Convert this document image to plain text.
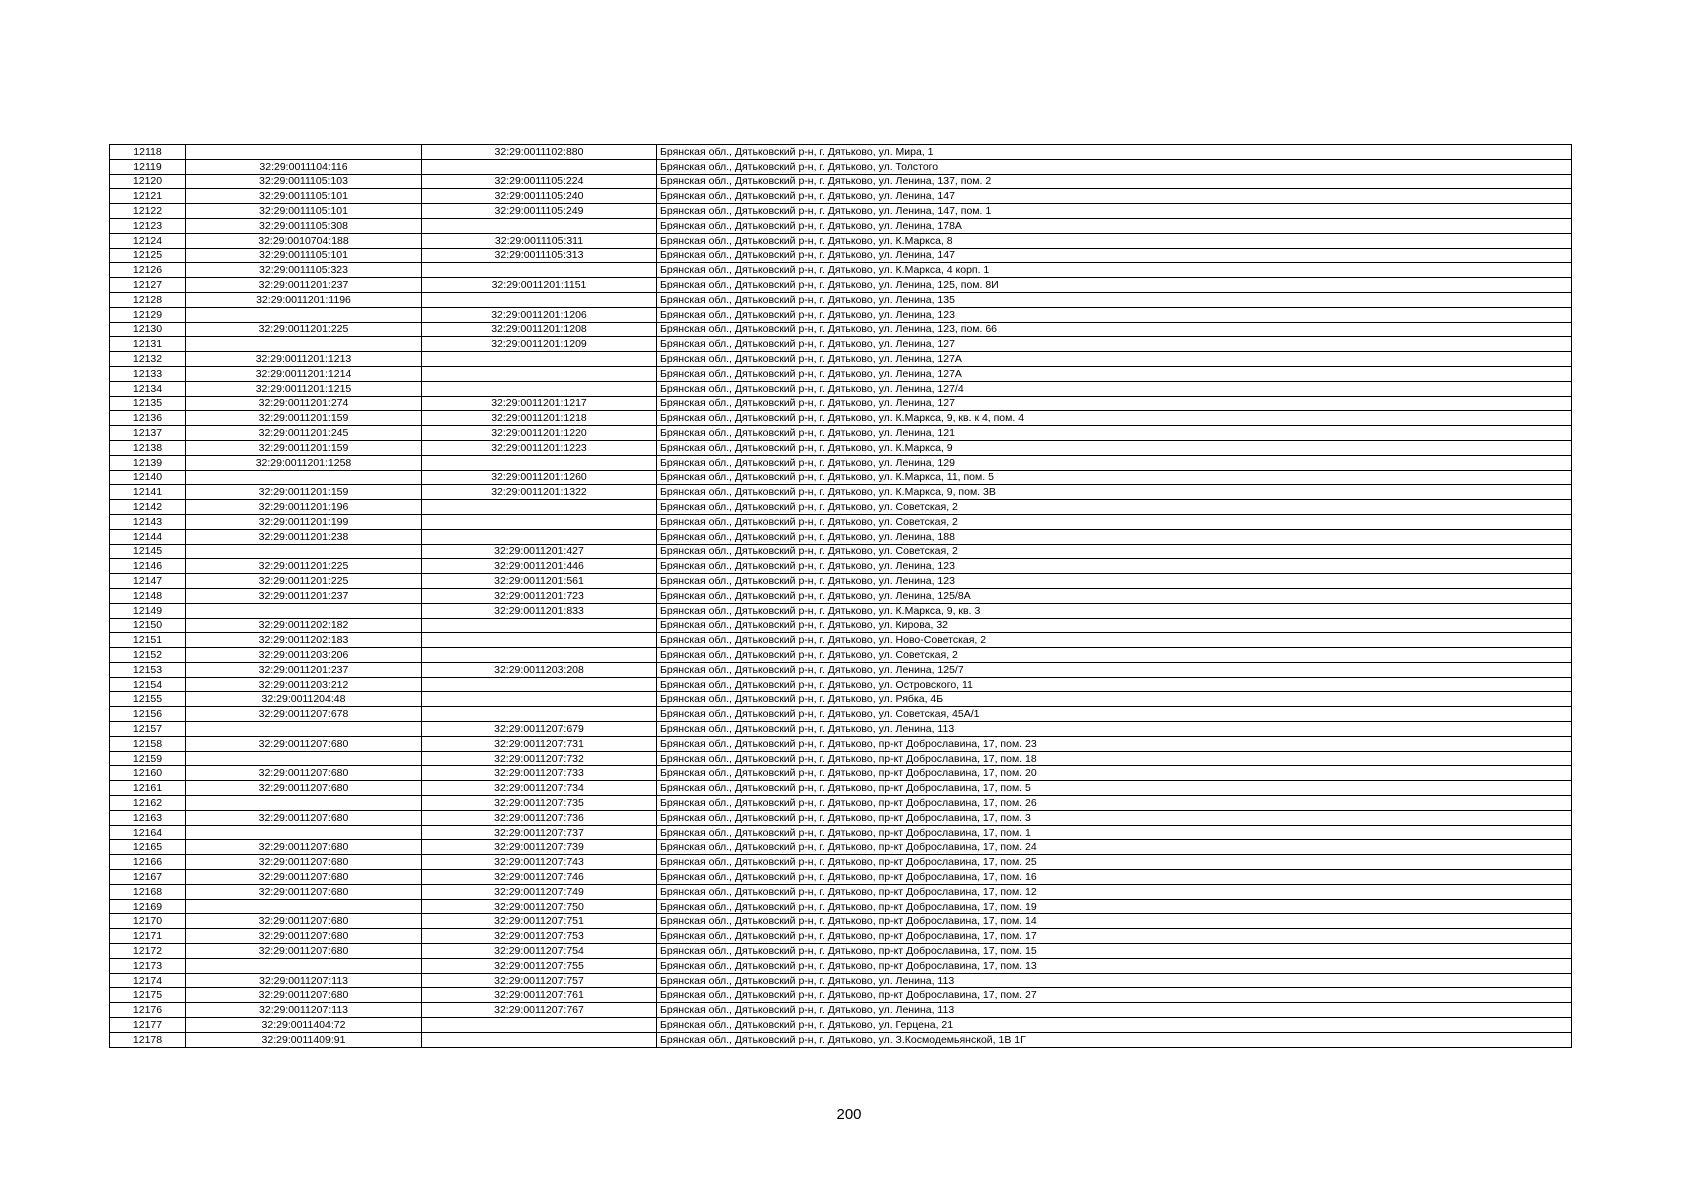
12118		32:29:0011102:880	Брянская обл., Дятьковский р-н, г. Дятьково, ул. Мира, 1
12119	32:29:0011104:116		Брянская обл., Дятьковский р-н, г. Дятьково, ул. Толстого
12120	32:29:0011105:103	32:29:0011105:224	Брянская обл., Дятьковский р-н, г. Дятьково, ул. Ленина, 137, пом. 2
12121	32:29:0011105:101	32:29:0011105:240	Брянская обл., Дятьковский р-н, г. Дятьково, ул. Ленина, 147
12122	32:29:0011105:101	32:29:0011105:249	Брянская обл., Дятьковский р-н, г. Дятьково, ул. Ленина, 147, пом. 1
12123	32:29:0011105:308		Брянская обл., Дятьковский р-н, г. Дятьково, ул. Ленина, 178А
12124	32:29:0010704:188	32:29:0011105:311	Брянская обл., Дятьковский р-н, г. Дятьково, ул. К.Маркса, 8
12125	32:29:0011105:101	32:29:0011105:313	Брянская обл., Дятьковский р-н, г. Дятьково, ул. Ленина, 147
12126	32:29:0011105:323		Брянская обл., Дятьковский р-н, г. Дятьково, ул. К.Маркса, 4 корп. 1
12127	32:29:0011201:237	32:29:0011201:1151	Брянская обл., Дятьковский р-н, г. Дятьково, ул. Ленина, 125, пом. 8И
12128	32:29:0011201:1196		Брянская обл., Дятьковский р-н, г. Дятьково, ул. Ленина, 135
12129		32:29:0011201:1206	Брянская обл., Дятьковский р-н, г. Дятьково, ул. Ленина, 123
12130	32:29:0011201:225	32:29:0011201:1208	Брянская обл., Дятьковский р-н, г. Дятьково, ул. Ленина, 123, пом. 66
12131		32:29:0011201:1209	Брянская обл., Дятьковский р-н, г. Дятьково, ул. Ленина, 127
12132	32:29:0011201:1213		Брянская обл., Дятьковский р-н, г. Дятьково, ул. Ленина, 127А
12133	32:29:0011201:1214		Брянская обл., Дятьковский р-н, г. Дятьково, ул. Ленина, 127А
12134	32:29:0011201:1215		Брянская обл., Дятьковский р-н, г. Дятьково, ул. Ленина, 127/4
12135	32:29:0011201:274	32:29:0011201:1217	Брянская обл., Дятьковский р-н, г. Дятьково, ул. Ленина, 127
12136	32:29:0011201:159	32:29:0011201:1218	Брянская обл., Дятьковский р-н, г. Дятьково, ул. К.Маркса, 9, кв. к 4, пом. 4
12137	32:29:0011201:245	32:29:0011201:1220	Брянская обл., Дятьковский р-н, г. Дятьково, ул. Ленина, 121
12138	32:29:0011201:159	32:29:0011201:1223	Брянская обл., Дятьковский р-н, г. Дятьково, ул. К.Маркса, 9
12139	32:29:0011201:1258		Брянская обл., Дятьковский р-н, г. Дятьково, ул. Ленина, 129
12140		32:29:0011201:1260	Брянская обл., Дятьковский р-н, г. Дятьково, ул. К.Маркса, 11, пом. 5
12141	32:29:0011201:159	32:29:0011201:1322	Брянская обл., Дятьковский р-н, г. Дятьково, ул. К.Маркса, 9, пом. 3В
12142	32:29:0011201:196		Брянская обл., Дятьковский р-н, г. Дятьково, ул. Советская, 2
12143	32:29:0011201:199		Брянская обл., Дятьковский р-н, г. Дятьково, ул. Советская, 2
12144	32:29:0011201:238		Брянская обл., Дятьковский р-н, г. Дятьково, ул. Ленина, 188
12145		32:29:0011201:427	Брянская обл., Дятьковский р-н, г. Дятьково, ул. Советская, 2
12146	32:29:0011201:225	32:29:0011201:446	Брянская обл., Дятьковский р-н, г. Дятьково, ул. Ленина, 123
12147	32:29:0011201:225	32:29:0011201:561	Брянская обл., Дятьковский р-н, г. Дятьково, ул. Ленина, 123
12148	32:29:0011201:237	32:29:0011201:723	Брянская обл., Дятьковский р-н, г. Дятьково, ул. Ленина, 125/8А
12149		32:29:0011201:833	Брянская обл., Дятьковский р-н, г. Дятьково, ул. К.Маркса, 9, кв. 3
12150	32:29:0011202:182		Брянская обл., Дятьковский р-н, г. Дятьково, ул. Кирова, 32
12151	32:29:0011202:183		Брянская обл., Дятьковский р-н, г. Дятьково, ул. Ново-Советская, 2
12152	32:29:0011203:206		Брянская обл., Дятьковский р-н, г. Дятьково, ул. Советская, 2
12153	32:29:0011201:237	32:29:0011203:208	Брянская обл., Дятьковский р-н, г. Дятьково, ул. Ленина, 125/7
12154	32:29:0011203:212		Брянская обл., Дятьковский р-н, г. Дятьково, ул. Островского, 11
12155	32:29:0011204:48		Брянская обл., Дятьковский р-н, г. Дятьково, ул. Рябка, 4Б
12156	32:29:0011207:678		Брянская обл., Дятьковский р-н, г. Дятьково, ул. Советская, 45А/1
12157		32:29:0011207:679	Брянская обл., Дятьковский р-н, г. Дятьково, ул. Ленина, 113
12158	32:29:0011207:680	32:29:0011207:731	Брянская обл., Дятьковский р-н, г. Дятьково, пр-кт Доброславина, 17, пом. 23
12159		32:29:0011207:732	Брянская обл., Дятьковский р-н, г. Дятьково, пр-кт Доброславина, 17, пом. 18
12160	32:29:0011207:680	32:29:0011207:733	Брянская обл., Дятьковский р-н, г. Дятьково, пр-кт Доброславина, 17, пом. 20
12161	32:29:0011207:680	32:29:0011207:734	Брянская обл., Дятьковский р-н, г. Дятьково, пр-кт Доброславина, 17, пом. 5
12162		32:29:0011207:735	Брянская обл., Дятьковский р-н, г. Дятьково, пр-кт Доброславина, 17, пом. 26
12163	32:29:0011207:680	32:29:0011207:736	Брянская обл., Дятьковский р-н, г. Дятьково, пр-кт Доброславина, 17, пом. 3
12164		32:29:0011207:737	Брянская обл., Дятьковский р-н, г. Дятьково, пр-кт Доброславина, 17, пом. 1
12165	32:29:0011207:680	32:29:0011207:739	Брянская обл., Дятьковский р-н, г. Дятьково, пр-кт Доброславина, 17, пом. 24
12166	32:29:0011207:680	32:29:0011207:743	Брянская обл., Дятьковский р-н, г. Дятьково, пр-кт Доброславина, 17, пом. 25
12167	32:29:0011207:680	32:29:0011207:746	Брянская обл., Дятьковский р-н, г. Дятьково, пр-кт Доброславина, 17, пом. 16
12168	32:29:0011207:680	32:29:0011207:749	Брянская обл., Дятьковский р-н, г. Дятьково, пр-кт Доброславина, 17, пом. 12
12169		32:29:0011207:750	Брянская обл., Дятьковский р-н, г. Дятьково, пр-кт Доброславина, 17, пом. 19
12170	32:29:0011207:680	32:29:0011207:751	Брянская обл., Дятьковский р-н, г. Дятьково, пр-кт Доброславина, 17, пом. 14
12171	32:29:0011207:680	32:29:0011207:753	Брянская обл., Дятьковский р-н, г. Дятьково, пр-кт Доброславина, 17, пом. 17
12172	32:29:0011207:680	32:29:0011207:754	Брянская обл., Дятьковский р-н, г. Дятьково, пр-кт Доброславина, 17, пом. 15
12173		32:29:0011207:755	Брянская обл., Дятьковский р-н, г. Дятьково, пр-кт Доброславина, 17, пом. 13
12174	32:29:0011207:113	32:29:0011207:757	Брянская обл., Дятьковский р-н, г. Дятьково, ул. Ленина, 113
12175	32:29:0011207:680	32:29:0011207:761	Брянская обл., Дятьковский р-н, г. Дятьково, пр-кт Доброславина, 17, пом. 27
12176	32:29:0011207:113	32:29:0011207:767	Брянская обл., Дятьковский р-н, г. Дятьково, ул. Ленина, 113
12177	32:29:0011404:72		Брянская обл., Дятьковский р-н, г. Дятьково, ул. Герцена, 21
12178	32:29:0011409:91		Брянская обл., Дятьковский р-н, г. Дятьково, ул. З.Космодемьянской, 1В 1Г
200
